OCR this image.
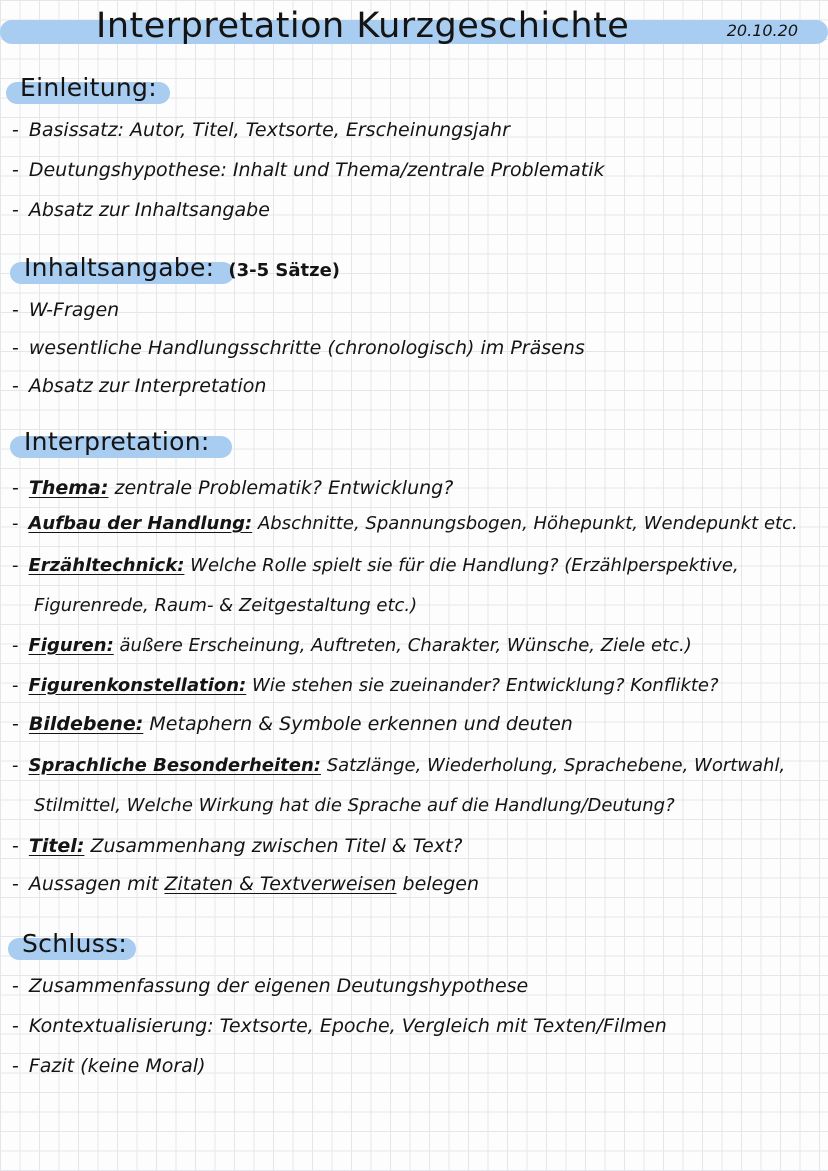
Interpretation Kurzgeschichte	20.10.20
Einleitung:
- Basissatz: Autor, Titel, Textsorte, Erscheinungsjahr
- Deutungshypothese: Inhalt und Thema/zentrale Problematik
- Absatz zur Inhaltsangabe
Inhaltsangabe: (3-5 Sätze)
- W-Fragen
- wesentliche Handlungsschritte (chronologisch) im Präsens
- Absatz zur Interpretation
Interpretation:
- Thema: zentrale Problematik? Entwicklung?
- Aufbau der Handlung: Abschnitte, Spannungsbogen, Höhepunkt, Wendepunkt etc.
- Erzähltechnick: Welche Rolle spielt sie für die Handlung? (Erzählperspektive,
Figurenrede, Raum- & Zeitgestaltung etc.)
- Figuren: äußere Erscheinung, Auftreten, Charakter, Wünsche, Ziele etc.)
- Figurenkonstellation: Wie stehen sie zueinander? Entwicklung? Konflikte?
- Bildebene: Metaphern & Symbole erkennen und deuten
- Sprachliche Besonderheiten: Satzlänge, Wiederholung, Sprachebene, Wortwahl,
Stilmittel, Welche Wirkung hat die Sprache auf die Handlung/Deutung?
- Titel: Zusammenhang zwischen Titel & Text?
- Aussagen mit Zitaten & Textverweisen belegen
Schluss:
- Zusammenfassung der eigenen Deutungshypothese
- Kontextualisierung: Textsorte, Epoche, Vergleich mit Texten/Filmen
- Fazit (keine Moral)
